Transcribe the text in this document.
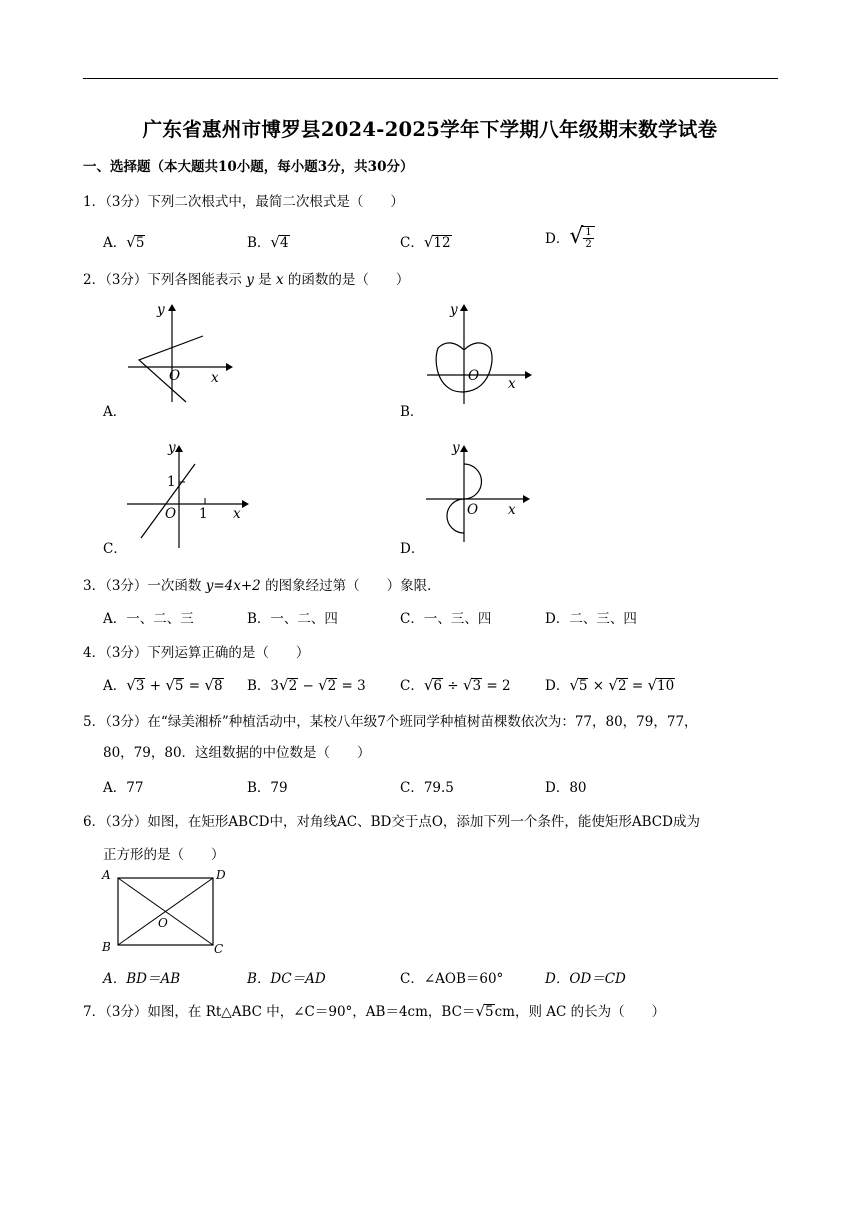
广东省惠州市博罗县2024-2025学年下学期八年级期末数学试卷
一、选择题（本大题共10小题，每小题3分，共30分）
1．（3分）下列二次根式中，最简二次根式是（　　）
A． √ 5	B． √ 4	C． √ 12	D． √ $\frac{1}{2}$
2．（3分）下列各图能表示 y 是 x 的函数的是（　　）
y
x
O
A．
y
x
O
B．
y
x
O
1
1
C．
y
x
O
D．
3．（3分）一次函数 y=4x+2 的图象经过第（　　）象限．
A．一、二、三	B．一、二、四	C．一、三、四	D．二、三、四
4．（3分）下列运算正确的是（　　）
A． √ 3 + √ 5 = √ 8 B．3 √ 2 − √ 2 = 3	C． √ 6 ÷ √ 3 = 2	D． √ 5 × √ 2 = √ 10
5．（3分）在“绿美湘桥”种植活动中，某校八年级7个班同学种植树苗棵数依次为：77，80，79，77，
80，79，80．这组数据的中位数是（　　）
A．77	B．79	C．79.5	D．80
6．（3分）如图，在矩形ABCD中，对角线AC、BD交于点O，添加下列一个条件，能使矩形ABCD成为
正方形的是（　　）
A	D
B	C
O
A．BD＝AB	B．DC＝AD	C．∠AOB＝60°	D．OD＝CD
7．（3分）如图，在 Rt△ABC 中，∠C＝90°，AB＝4cm，BC＝ √ 5 cm，则 AC 的长为（　　）
